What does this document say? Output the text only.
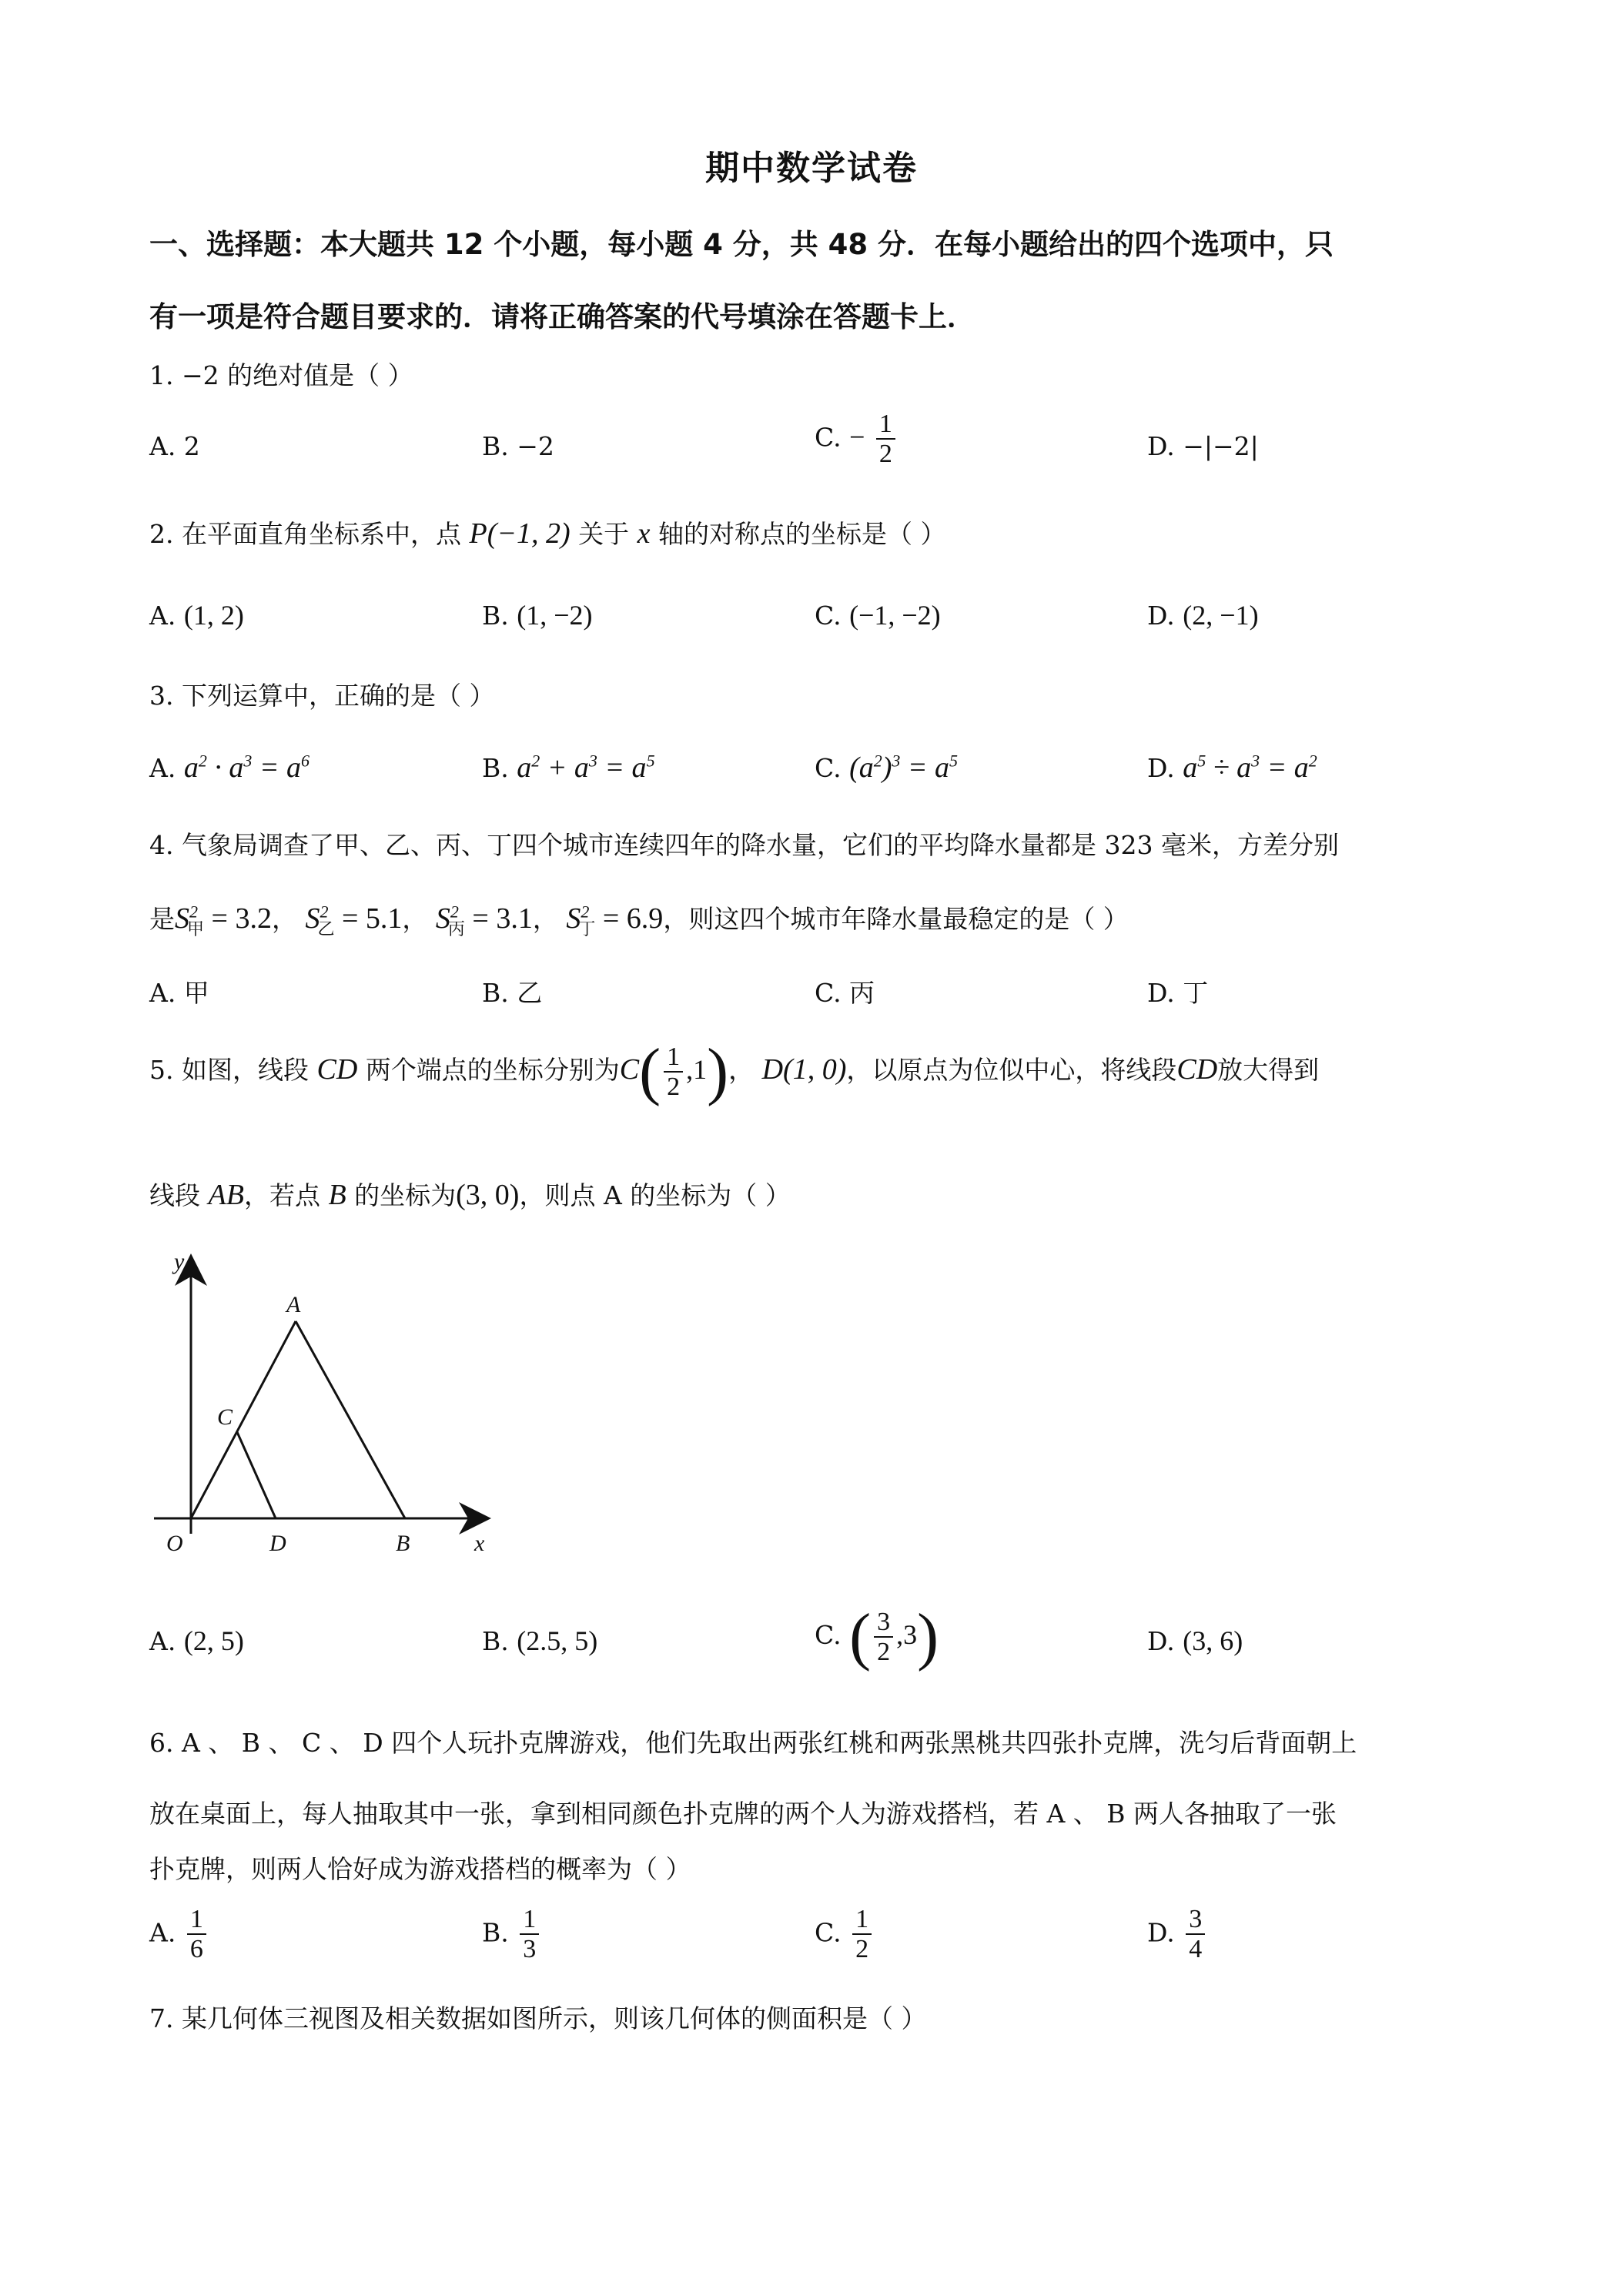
期中数学试卷
一、选择题：本大题共 12 个小题，每小题 4 分，共 48 分．在每小题给出的四个选项中，只
有一项是符合题目要求的．请将正确答案的代号填涂在答题卡上．
1. −2 的绝对值是（ ）
A. 2	B. −2	C. − $\frac{1}{2}$	D. −|−2|
2. 在平面直角坐标系中，点 P(−1, 2) 关于 x 轴的对称点的坐标是（ ）
A. (1, 2)	B. (1, −2)	C. (−1, −2)	D. (2, −1)
3. 下列运算中，正确的是（ ）
A. $a^2 \cdot a^3 = a^6$	B. $a^2 + a^3 = a^5$	C. $(a^2)^3 = a^5$	D. $a^5 \div a^3 = a^2$
4. 气象局调查了甲、乙、丙、丁四个城市连续四年的降水量，它们的平均降水量都是 323 毫米，方差分别
是$S^2_甲 = 3.2$， $S^2_乙 = 5.1$， $S^2_丙 = 3.1$， $S^2_丁 = 6.9$，则这四个城市年降水量最稳定的是（ ）
A. 甲	B. 乙	C. 丙	D. 丁
5. 如图，线段 CD 两个端点的坐标分别为$C( \frac{1}{2} ,1)$， D(1, 0)，以原点为位似中心，将线段CD放大得到
线段 AB，若点 B 的坐标为(3, 0)，则点 A 的坐标为（ ）
y
x
O
A
C
D	B
A. (2, 5)	B. (2.5, 5)	C. ( $\frac{3}{2} ,3$)	D. (3, 6)
6. A 、 B 、 C 、 D 四个人玩扑克牌游戏，他们先取出两张红桃和两张黑桃共四张扑克牌，洗匀后背面朝上
放在桌面上，每人抽取其中一张，拿到相同颜色扑克牌的两个人为游戏搭档，若 A 、 B 两人各抽取了一张
扑克牌，则两人恰好成为游戏搭档的概率为（ ）
A. $\frac{1}{6}$	B. $\frac{1}{3}$	C. $\frac{1}{2}$	D. $\frac{3}{4}$
7. 某几何体三视图及相关数据如图所示，则该几何体的侧面积是（ ）
